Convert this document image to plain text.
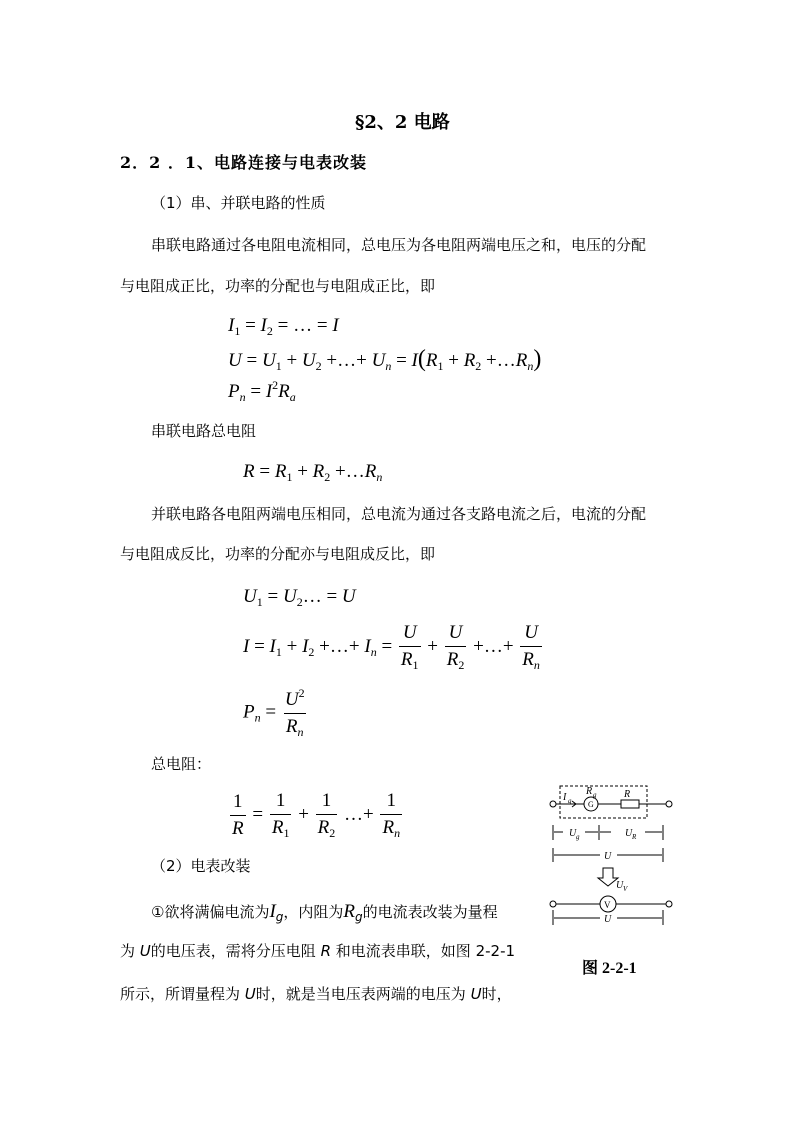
§2、2 电路
2．2 ．1、电路连接与电表改装
（1）串、并联电路的性质
串联电路通过各电阻电流相同，总电压为各电阻两端电压之和，电压的分配
与电阻成正比，功率的分配也与电阻成正比，即
$I_1 = I_2$ = … = I
$U = U_1 + U_2$ +…+ $U_n = I(R_1 + R_2$ $+\dots R_n$)
$P_n = I^2R_a$
串联电路总电阻
$R = R_1 + R_2$ $+\dots R_n$
并联电路各电阻两端电压相同，总电流为通过各支路电流之后，电流的分配
与电阻成反比，功率的分配亦与电阻成反比，即
$U_1$ = $U_2\dots = U$
$I = I_1 + I_2$ +…+ $I_n = \frac{U}{R_1} + \frac{U}{R_2}$ +…+ $\frac{U}{R_n}$
$P_n = \frac{U^2}{R_n}$
总电阻：
$\frac{1}{R} = \frac{1}{R_1} + \frac{1}{R_2}$ …+ $\frac{1}{R_n}$
（2）电表改装
①欲将满偏电流为$I_g$，内阻为$R_g$的电流表改装为量程
为 U的电压表，需将分压电阻 R 和电流表串联，如图 2-2-1
所示，所谓量程为 U时，就是当电压表两端的电压为 U时，
I g
R g
G
R
U g	U R
U
U V
V
U
图 2-2-1
